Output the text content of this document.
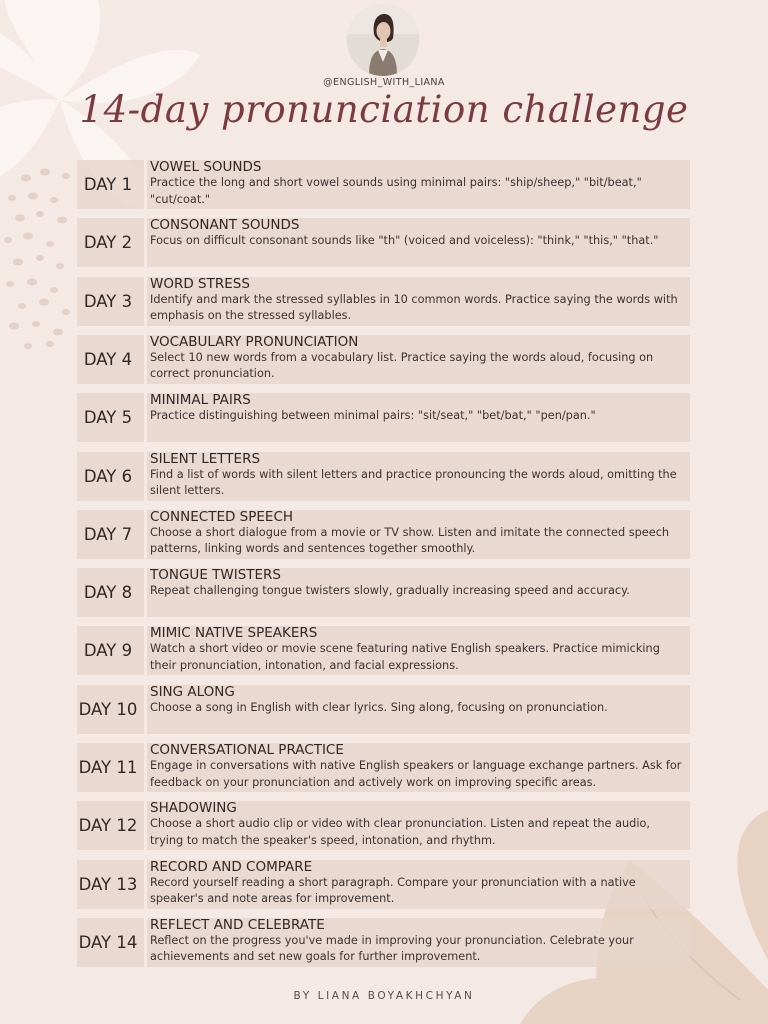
@ENGLISH_WITH_LIANA
14-day pronunciation challenge
DAY 1
VOWEL SOUNDS
Practice the long and short vowel sounds using minimal pairs: "ship/sheep," "bit/beat," "cut/coat."
DAY 2
CONSONANT SOUNDS
Focus on difficult consonant sounds like "th" (voiced and voiceless): "think," "this," "that."
DAY 3
WORD STRESS
Identify and mark the stressed syllables in 10 common words. Practice saying the words with emphasis on the stressed syllables.
DAY 4
VOCABULARY PRONUNCIATION
Select 10 new words from a vocabulary list. Practice saying the words aloud, focusing on correct pronunciation.
DAY 5
MINIMAL PAIRS
Practice distinguishing between minimal pairs: "sit/seat," "bet/bat," "pen/pan."
DAY 6
SILENT LETTERS
Find a list of words with silent letters and practice pronouncing the words aloud, omitting the silent letters.
DAY 7
CONNECTED SPEECH
Choose a short dialogue from a movie or TV show. Listen and imitate the connected speech patterns, linking words and sentences together smoothly.
DAY 8
TONGUE TWISTERS
Repeat challenging tongue twisters slowly, gradually increasing speed and accuracy.
DAY 9
MIMIC NATIVE SPEAKERS
Watch a short video or movie scene featuring native English speakers. Practice mimicking their pronunciation, intonation, and facial expressions.
DAY 10
SING ALONG
Choose a song in English with clear lyrics. Sing along, focusing on pronunciation.
DAY 11
CONVERSATIONAL PRACTICE
Engage in conversations with native English speakers or language exchange partners. Ask for feedback on your pronunciation and actively work on improving specific areas.
DAY 12
SHADOWING
Choose a short audio clip or video with clear pronunciation. Listen and repeat the audio, trying to match the speaker's speed, intonation, and rhythm.
DAY 13
RECORD AND COMPARE
Record yourself reading a short paragraph. Compare your pronunciation with a native speaker's and note areas for improvement.
DAY 14
REFLECT AND CELEBRATE
Reflect on the progress you've made in improving your pronunciation. Celebrate your achievements and set new goals for further improvement.
BY LIANA BOYAKHCHYAN
